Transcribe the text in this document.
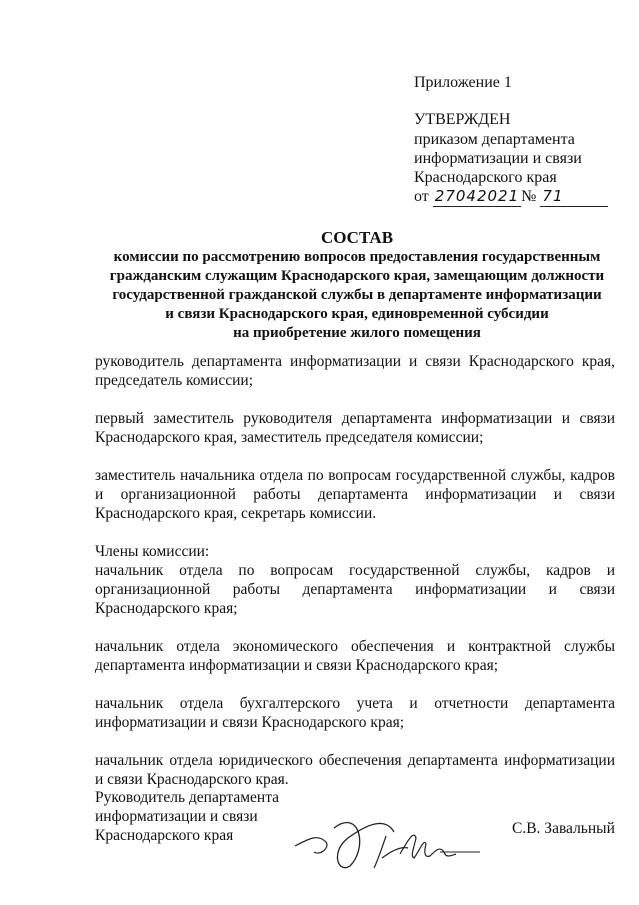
Приложение 1
УТВЕРЖДЕН
приказом департамента
информатизации и связи
Краснодарского края
от 27042021 № 71
СОСТАВ
комиссии по рассмотрению вопросов предоставления государственным
гражданским служащим Краснодарского края, замещающим должности
государственной гражданской службы в департаменте информатизации
и связи Краснодарского края, единовременной субсидии
на приобретение жилого помещения

руководитель департамента информатизации и связи Краснодарского края, председатель комиссии;

первый заместитель руководителя департамента информатизации и связи Краснодарского края, заместитель председателя комиссии;

заместитель начальника отдела по вопросам государственной службы, кадров и организационной работы департамента информатизации и связи Краснодарского края, секретарь комиссии.

Члены комиссии:

начальник отдела по вопросам государственной службы, кадров и организационной работы департамента информатизации и связи Краснодарского края;

начальник отдела экономического обеспечения и контрактной службы департамента информатизации и связи Краснодарского края;

начальник отдела бухгалтерского учета и отчетности департамента информатизации и связи Краснодарского края;

начальник отдела юридического обеспечения департамента информатизации и связи Краснодарского края.

Руководитель департамента
информатизации и связи
Краснодарского края	С.В. Завальный
